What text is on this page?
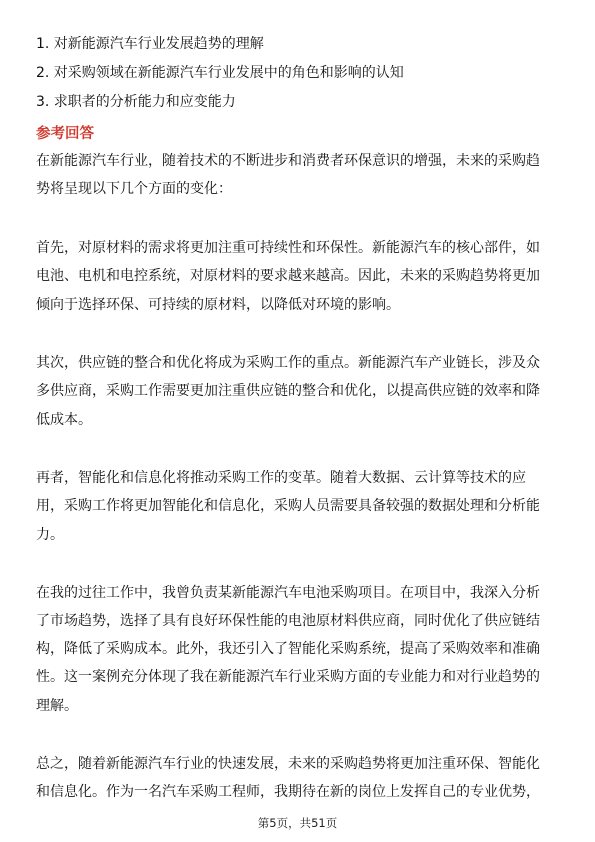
1. 对新能源汽车行业发展趋势的理解
2. 对采购领域在新能源汽车行业发展中的角色和影响的认知
3. 求职者的分析能力和应变能力
参考回答
在新能源汽车行业，随着技术的不断进步和消费者环保意识的增强，未来的采购趋
势将呈现以下几个方面的变化：
首先，对原材料的需求将更加注重可持续性和环保性。新能源汽车的核心部件，如
电池、电机和电控系统，对原材料的要求越来越高。因此，未来的采购趋势将更加
倾向于选择环保、可持续的原材料，以降低对环境的影响。
其次，供应链的整合和优化将成为采购工作的重点。新能源汽车产业链长，涉及众
多供应商，采购工作需要更加注重供应链的整合和优化，以提高供应链的效率和降
低成本。
再者，智能化和信息化将推动采购工作的变革。随着大数据、云计算等技术的应
用，采购工作将更加智能化和信息化，采购人员需要具备较强的数据处理和分析能
力。
在我的过往工作中，我曾负责某新能源汽车电池采购项目。在项目中，我深入分析
了市场趋势，选择了具有良好环保性能的电池原材料供应商，同时优化了供应链结
构，降低了采购成本。此外，我还引入了智能化采购系统，提高了采购效率和准确
性。这一案例充分体现了我在新能源汽车行业采购方面的专业能力和对行业趋势的
理解。
总之，随着新能源汽车行业的快速发展，未来的采购趋势将更加注重环保、智能化
和信息化。作为一名汽车采购工程师，我期待在新的岗位上发挥自己的专业优势，
第5页，共51页
